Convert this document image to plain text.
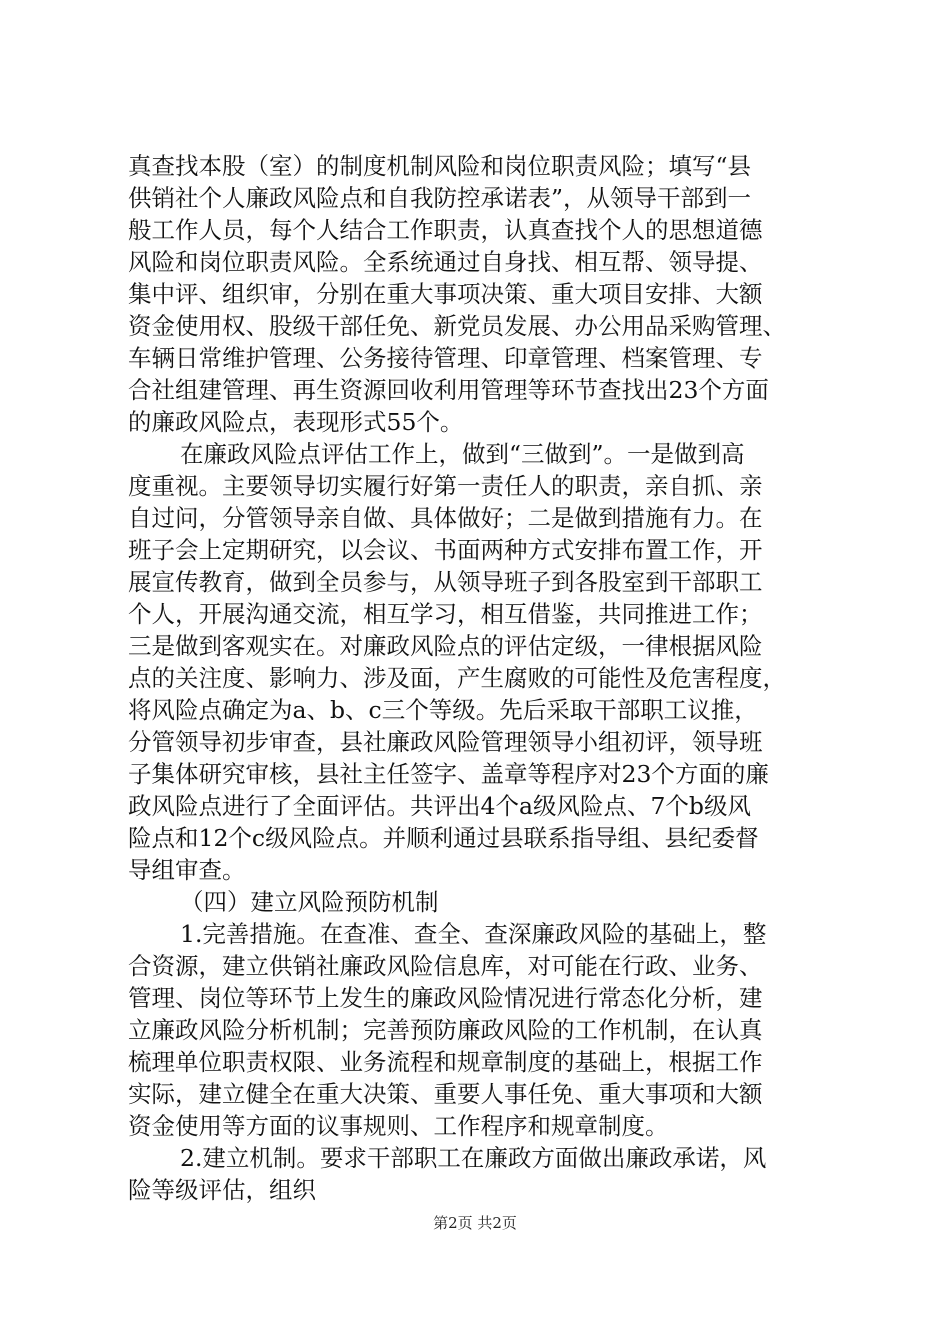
真查找本股（室）的制度机制风险和岗位职责风险；填写“县
供销社个人廉政风险点和自我防控承诺表”，从领导干部到一
般工作人员，每个人结合工作职责，认真查找个人的思想道德
风险和岗位职责风险。全系统通过自身找、相互帮、领导提、
集中评、组织审，分别在重大事项决策、重大项目安排、大额
资金使用权、股级干部任免、新党员发展、办公用品采购管理、
车辆日常维护管理、公务接待管理、印章管理、档案管理、专
合社组建管理、再生资源回收利用管理等环节查找出23个方面
的廉政风险点，表现形式55个。
在廉政风险点评估工作上，做到“三做到”。一是做到高
度重视。主要领导切实履行好第一责任人的职责，亲自抓、亲
自过问，分管领导亲自做、具体做好；二是做到措施有力。在
班子会上定期研究，以会议、书面两种方式安排布置工作，开
展宣传教育，做到全员参与，从领导班子到各股室到干部职工
个人，开展沟通交流，相互学习，相互借鉴，共同推进工作；
三是做到客观实在。对廉政风险点的评估定级，一律根据风险
点的关注度、影响力、涉及面，产生腐败的可能性及危害程度，
将风险点确定为a、b、c三个等级。先后采取干部职工议推，
分管领导初步审查，县社廉政风险管理领导小组初评，领导班
子集体研究审核，县社主任签字、盖章等程序对23个方面的廉
政风险点进行了全面评估。共评出4个a级风险点、7个b级风
险点和12个c级风险点。并顺利通过县联系指导组、县纪委督
导组审查。
（四）建立风险预防机制
1.完善措施。在查准、查全、查深廉政风险的基础上，整
合资源，建立供销社廉政风险信息库，对可能在行政、业务、
管理、岗位等环节上发生的廉政风险情况进行常态化分析，建
立廉政风险分析机制；完善预防廉政风险的工作机制，在认真
梳理单位职责权限、业务流程和规章制度的基础上，根据工作
实际，建立健全在重大决策、重要人事任免、重大事项和大额
资金使用等方面的议事规则、工作程序和规章制度。
2.建立机制。要求干部职工在廉政方面做出廉政承诺，风
险等级评估，组织
第2页 共2页
